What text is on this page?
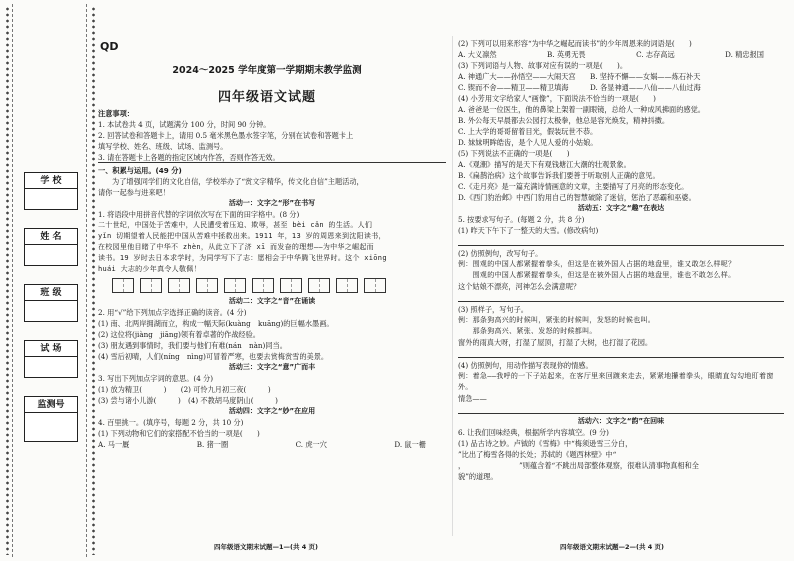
学 校
姓 名
班 级
试 场
监测号
QD
2024～2025 学年度第一学期期末教学监测
四年级语文试题
注意事项：
1. 本试卷共 4 页，试题满分 100 分，时间 90 分钟。
2. 回答试卷和答题卡上，请用 0.5 毫米黑色墨水签字笔，分别在试卷和答题卡上
填写学校、姓名、班级、试场、监测号。
3. 请在答题卡上各题的指定区域内作答，否则作答无效。
一、积累与运用。(49 分)
为了增强同学们的文化自信，学校举办了“赏文字精华，传文化自信”主题活动，
请你一起参与进来吧！
活动一：文字之“形”在书写
1. 将语段中用拼音代替的字词依次写在下面的田字格中。(8 分)
二十世纪，中国处于苦难中，人民遭受着压迫、欺辱，甚至 bèi cǎn 的生活。人们
yǐn 切期望着人民能把中国从苦难中拯救出来。1911 年，13 岁的周恩来到沈阳读书，
在校园里他目睹了中华不 zhèn，从此立下了济 xī 而发奋的理想——为中华之崛起而
读书。19 岁时去日本求学时，为同学写下了志：愿相会于中华腾飞世界时。这个 xiōng
huái 大志的少年真令人敬佩！
活动二：文字之“音”在诵读
2. 用“√”给下列加点字选择正确的读音。(4 分)
(1) 南、北两岸拥湖而立，构成一幅天际(kuàng　kuāng)的巨幅水墨画。
(2) 这位将(jiàng　jiāng)领有着卓著的作战经验。
(3) 朋友遇到事情时，我们要与他们有难(nán　nàn)同当。
(4) 雪后初晴，人们(níng　nìng)可冒着严寒，也要去赏梅赏雪的美景。
活动三：文字之“意”广而丰
3. 写出下列加点字词的意思。(4 分)
(1) 放为精卫(　　　)　　(2) 可怜九月初三夜(　　　)
(3) 尝与诸小儿游(　　　)　(4) 不教胡马度阴山(　　　)
活动四：文字之“妙”在应用
4. 百里挑一。(填序号，每题 2 分，共 10 分)
(1) 下列动物和它们的家搭配不恰当的一项是(　　)
A. 马一厩	B. 猪一圈	C. 虎一穴	D. 鼠一栅
(2) 下列可以用来形容“为中华之崛起而读书”的少年周恩来的词语是(　　)
A. 大义凛然	B. 英勇无畏	C. 志存高远	D. 精忠报国
(3) 下列词语与人物、故事对应有误的一项是(　　)。
A. 神通广大——孙悟空——大闹天宫　　B. 坚持不懈——女娲——炼石补天
C. 锲而不舍——精卫——精卫填海　　　D. 各显神通——八仙——八仙过海
(4) 小芳用文字给家人“画像”，下面说法不恰当的一项是(　　)
A. 爸爸是一位医生，他的鼻梁上架着一副眼镜，总给人一种成风拂面的感觉。
B. 外公每天早晨都去公园打太极拳，他总是容光焕发，精神抖擞。
C. 上大学的哥哥留着目光，假装玩世不恭。
D. 妹妹明眸皓齿，是个人见人爱的小姑娘。
(5) 下列说法不正确的一项是(　　)
A.《观潮》描写的是天下有观钱塘江大潮的壮观景象。
B.《扁鹊治病》这个故事告诉我们要善于听取别人正确的意见。
C.《走月亮》是一篇充满诗情画意的文章，主要描写了月亮的形态变化。
D.《西门豹治邺》中西门豹用自己的智慧破除了迷信，惩治了恶霸和巫婆。
活动五：文字之“趣”在表达
5. 按要求写句子。(每题 2 分，共 8 分)
(1) 昨天下午下了一整天的大雪。(修改病句)
(2) 仿照例句，改写句子。
例：围观的中国人都紧握着拳头，但这是在被外国人占据的地盘里，谁又敢怎么样呢？
　　围观的中国人都紧握着拳头，但这是在被外国人占据的地盘里，谁也不敢怎么样。
这个姑娘不漂亮，河神怎么会满意呢？
(3) 照样子，写句子。
例：那条狗高兴的时候叫，紧张的时候叫，发怒的时候也叫。
　　那条狗高兴、紧张、发怒的时候都叫。
窗外的雨真大呀，打湿了屋顶，打湿了大树，也打湿了花园。
(4) 仿照例句，用动作描写表现你的情感。
例：着急——我呼的一下子站起来，在客厅里来回踱来走去，紧紧地攥着拳头，眼睛直勾勾地盯着窗外。
情急——
活动六：文字之“韵”在回味
6. 让我们回味经典，根据所学内容填空。(9 分)
(1) 品古诗之妙。卢钺的《雪梅》中“梅须逊雪三分白，
”比出了梅雪各得的长处；苏轼的《题西林壁》中“
，　　　　　　　　”则蕴含着“不跳出局部整体观察，很难认清事物真相和全
貌”的道理。
四年级语文期末试题—1—(共 4 页)	四年级语文期末试题—2—(共 4 页)
